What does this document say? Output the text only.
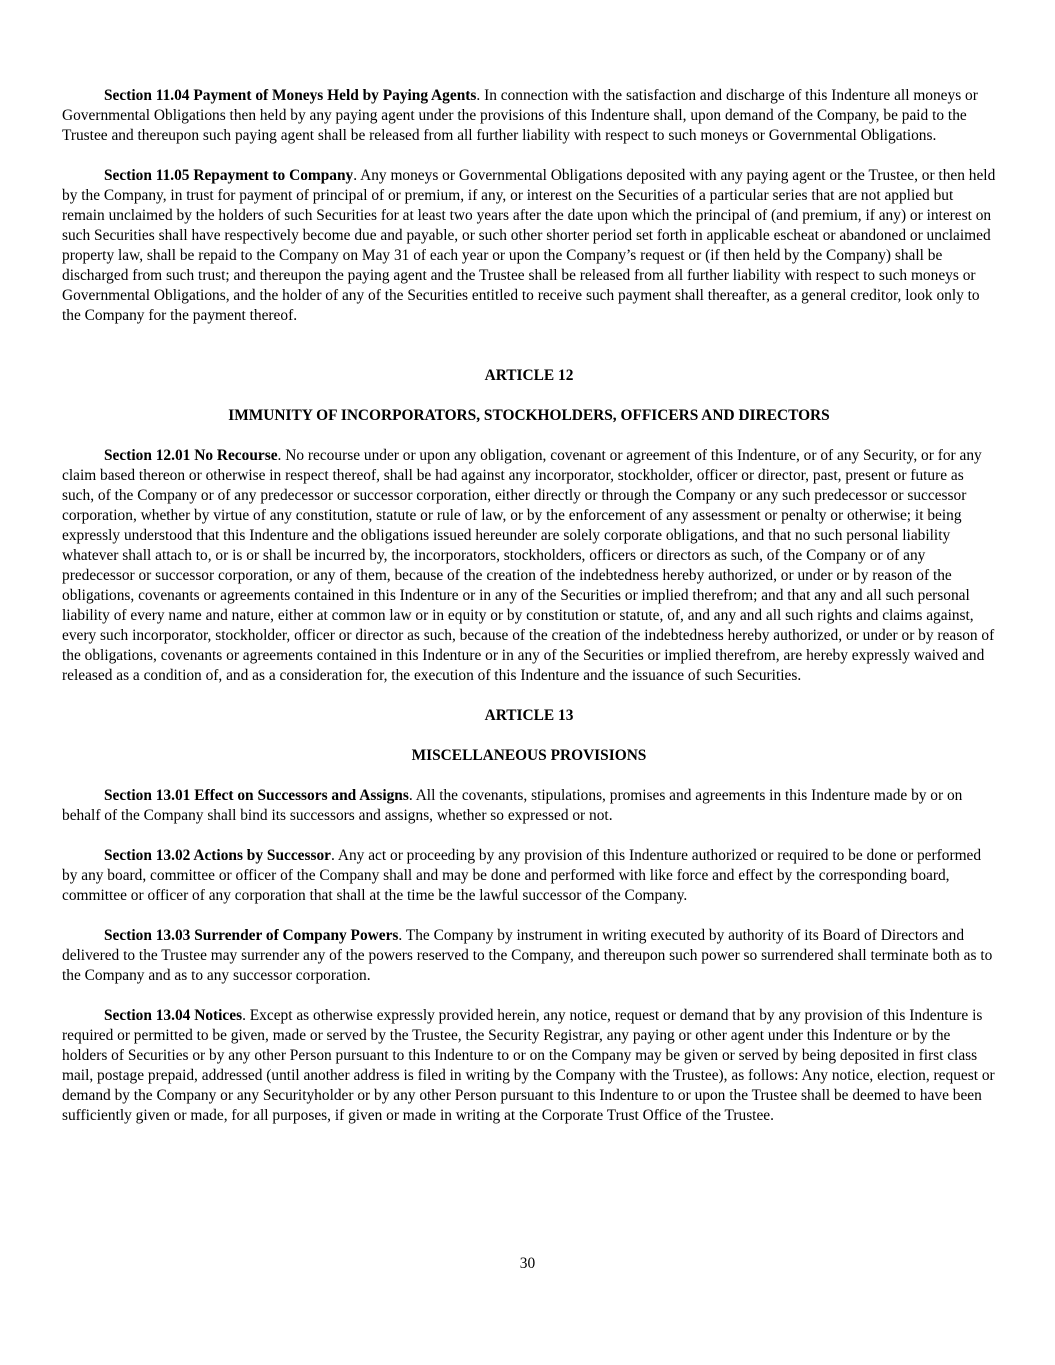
Section 11.04 Payment of Moneys Held by Paying Agents. In connection with the satisfaction and discharge of this Indenture all moneys or Governmental Obligations then held by any paying agent under the provisions of this Indenture shall, upon demand of the Company, be paid to the Trustee and thereupon such paying agent shall be released from all further liability with respect to such moneys or Governmental Obligations.

Section 11.05 Repayment to Company. Any moneys or Governmental Obligations deposited with any paying agent or the Trustee, or then held by the Company, in trust for payment of principal of or premium, if any, or interest on the Securities of a particular series that are not applied but remain unclaimed by the holders of such Securities for at least two years after the date upon which the principal of (and premium, if any) or interest on such Securities shall have respectively become due and payable, or such other shorter period set forth in applicable escheat or abandoned or unclaimed property law, shall be repaid to the Company on May 31 of each year or upon the Company’s request or (if then held by the Company) shall be discharged from such trust; and thereupon the paying agent and the Trustee shall be released from all further liability with respect to such moneys or Governmental Obligations, and the holder of any of the Securities entitled to receive such payment shall thereafter, as a general creditor, look only to the Company for the payment thereof.

ARTICLE 12
IMMUNITY OF INCORPORATORS, STOCKHOLDERS, OFFICERS AND DIRECTORS

Section 12.01 No Recourse. No recourse under or upon any obligation, covenant or agreement of this Indenture, or of any Security, or for any claim based thereon or otherwise in respect thereof, shall be had against any incorporator, stockholder, officer or director, past, present or future as such, of the Company or of any predecessor or successor corporation, either directly or through the Company or any such predecessor or successor corporation, whether by virtue of any constitution, statute or rule of law, or by the enforcement of any assessment or penalty or otherwise; it being expressly understood that this Indenture and the obligations issued hereunder are solely corporate obligations, and that no such personal liability whatever shall attach to, or is or shall be incurred by, the incorporators, stockholders, officers or directors as such, of the Company or of any predecessor or successor corporation, or any of them, because of the creation of the indebtedness hereby authorized, or under or by reason of the obligations, covenants or agreements contained in this Indenture or in any of the Securities or implied therefrom; and that any and all such personal liability of every name and nature, either at common law or in equity or by constitution or statute, of, and any and all such rights and claims against, every such incorporator, stockholder, officer or director as such, because of the creation of the indebtedness hereby authorized, or under or by reason of the obligations, covenants or agreements contained in this Indenture or in any of the Securities or implied therefrom, are hereby expressly waived and released as a condition of, and as a consideration for, the execution of this Indenture and the issuance of such Securities.

ARTICLE 13
MISCELLANEOUS PROVISIONS

Section 13.01 Effect on Successors and Assigns. All the covenants, stipulations, promises and agreements in this Indenture made by or on behalf of the Company shall bind its successors and assigns, whether so expressed or not.

Section 13.02 Actions by Successor. Any act or proceeding by any provision of this Indenture authorized or required to be done or performed by any board, committee or officer of the Company shall and may be done and performed with like force and effect by the corresponding board, committee or officer of any corporation that shall at the time be the lawful successor of the Company.

Section 13.03 Surrender of Company Powers. The Company by instrument in writing executed by authority of its Board of Directors and delivered to the Trustee may surrender any of the powers reserved to the Company, and thereupon such power so surrendered shall terminate both as to the Company and as to any successor corporation.

Section 13.04 Notices. Except as otherwise expressly provided herein, any notice, request or demand that by any provision of this Indenture is required or permitted to be given, made or served by the Trustee, the Security Registrar, any paying or other agent under this Indenture or by the holders of Securities or by any other Person pursuant to this Indenture to or on the Company may be given or served by being deposited in first class mail, postage prepaid, addressed (until another address is filed in writing by the Company with the Trustee), as follows: Any notice, election, request or demand by the Company or any Securityholder or by any other Person pursuant to this Indenture to or upon the Trustee shall be deemed to have been sufficiently given or made, for all purposes, if given or made in writing at the Corporate Trust Office of the Trustee.

30
